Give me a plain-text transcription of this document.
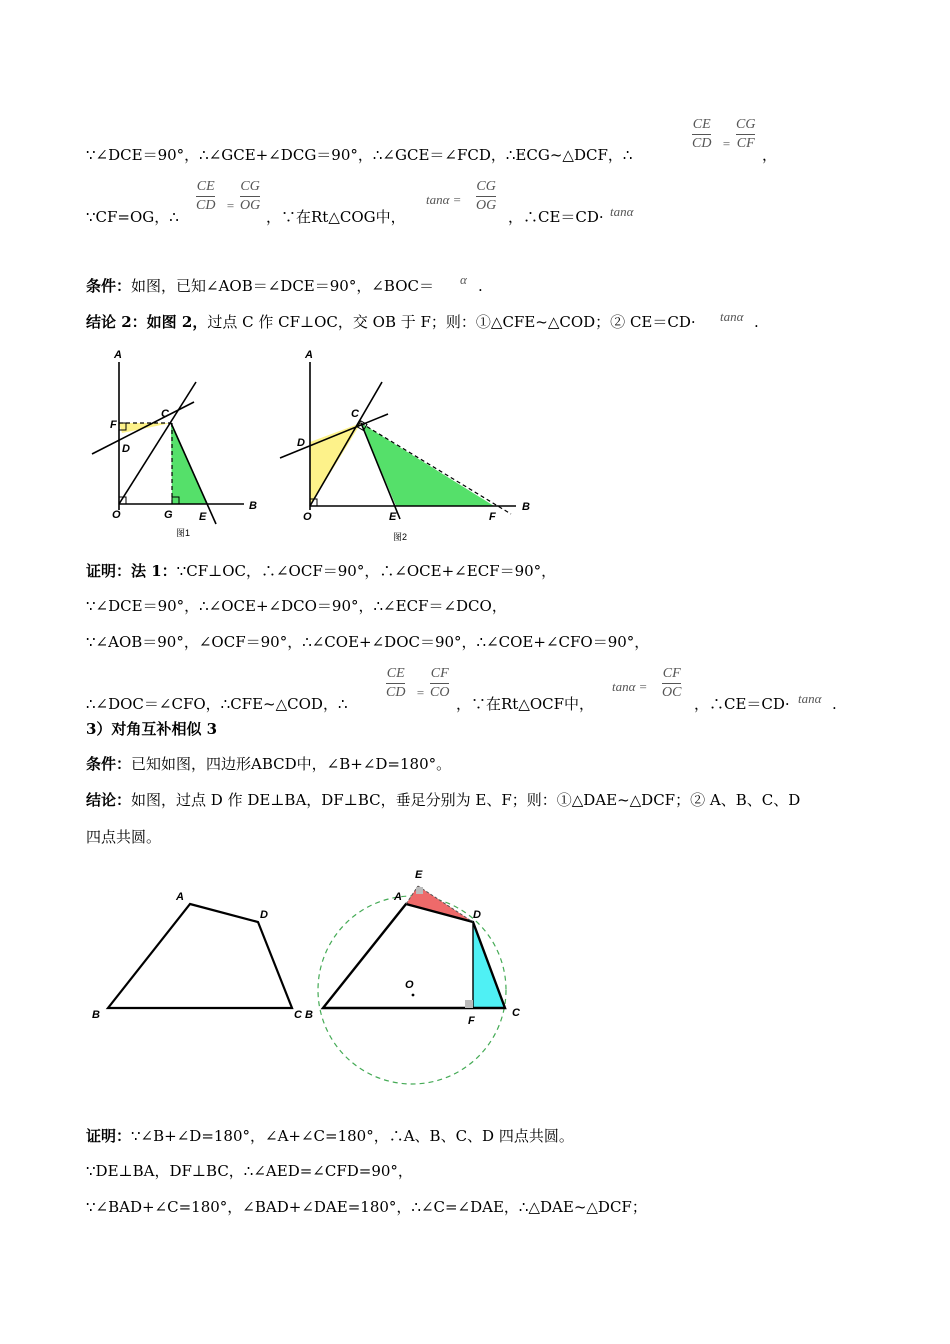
∵∠DCE＝90°，∴∠GCE+∠DCG＝90°，∴∠GCE＝∠FCD，∴ECG~△DCF，∴
CE
CD =
CG
CF
，
∵CF=OG，∴
CE
CD =
CG
OG
，∵在Rt△COG中，
tanα =
CG
OG
，∴CE＝CD· tanα
条件：如图，已知∠AOB＝∠DCE＝90°，∠BOC＝ α .
结论 2：如图 2，过点 C 作 CF⊥OC，交 OB 于 F；则：①△CFE~△COD；② CE＝CD· tanα .
A
F
D
C
O	G E
B
图1
A
D
C
O	E	F
B
图2
证明：法 1：∵CF⊥OC，∴∠OCF＝90°，∴∠OCE+∠ECF＝90°，
∵∠DCE＝90°，∴∠OCE+∠DCO＝90°，∴∠ECF＝∠DCO，
∵∠AOB＝90°，∠OCF＝90°，∴∠COE+∠DOC＝90°，∴∠COE+∠CFO＝90°，
∴∠DOC＝∠CFO，∴CFE~△COD，∴
CE
CD =
CF
CO
，∵在Rt△OCF中，
tanα =
CF
OC
，∴CE＝CD· tanα .
3）对角互补相似 3
条件：已知如图，四边形ABCD中，∠B+∠D=180°。
结论：如图，过点 D 作 DE⊥BA，DF⊥BC，垂足分别为 E、F；则：①△DAE~△DCF；② A、B、C、D
四点共圆。
A
D
B	C
O
E
A
D
B	F
C
证明：∵∠B+∠D=180°，∠A+∠C=180°，∴A、B、C、D 四点共圆。
∵DE⊥BA，DF⊥BC，∴∠AED=∠CFD=90°，
∵∠BAD+∠C=180°，∠BAD+∠DAE=180°，∴∠C=∠DAE，∴△DAE~△DCF；
